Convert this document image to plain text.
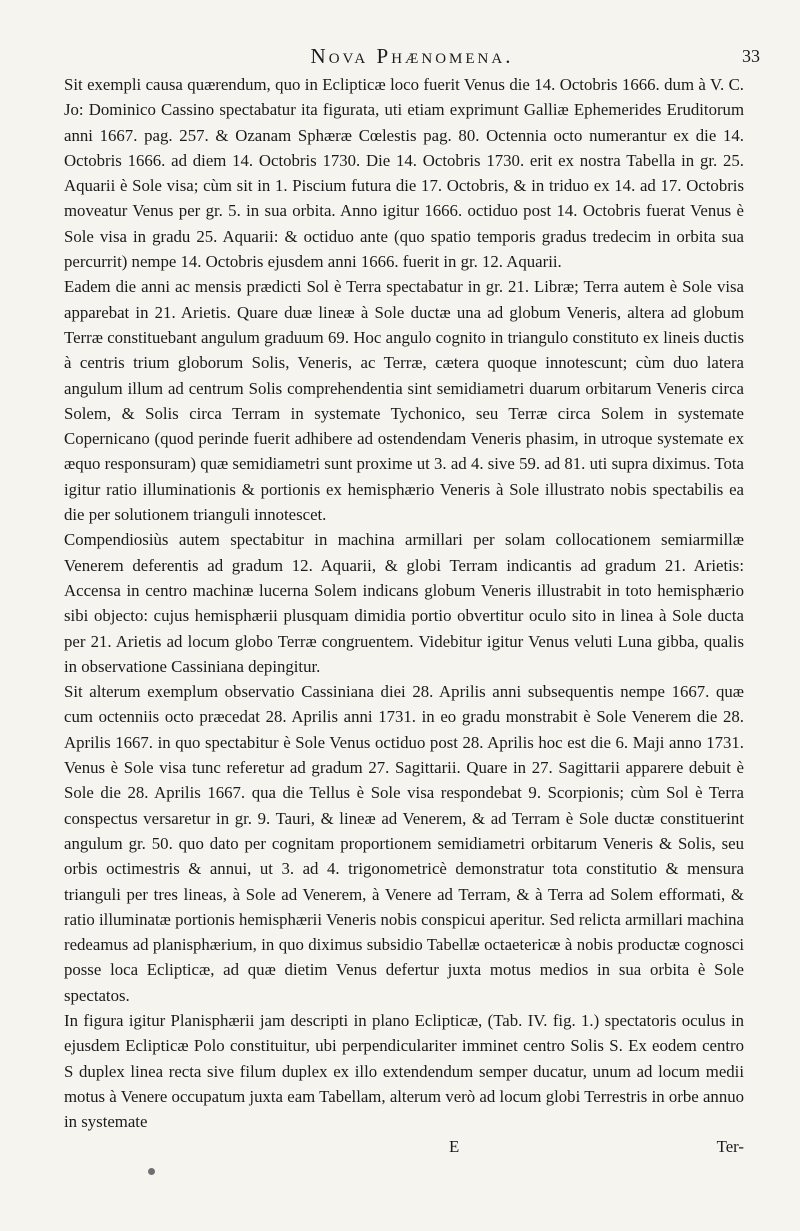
Nova Phænomena.	33

Sit exempli causa quærendum, quo in Eclipticæ loco fuerit Venus die 14. Octobris 1666. dum à V. C. Jo: Dominico Cassino spectabatur ita figurata, uti etiam exprimunt Galliæ Ephemerides Eruditorum anni 1667. pag. 257. & Ozanam Sphæræ Cœlestis pag. 80. Octennia octo numerantur ex die 14. Octobris 1666. ad diem 14. Octobris 1730. Die 14. Octobris 1730. erit ex nostra Tabella in gr. 25. Aquarii è Sole visa; cùm sit in 1. Piscium futura die 17. Octobris, & in triduo ex 14. ad 17. Octobris moveatur Venus per gr. 5. in sua orbita. Anno igitur 1666. octiduo post 14. Octobris fuerat Venus è Sole visa in gradu 25. Aquarii: & octiduo ante (quo spatio temporis gradus tredecim in orbita sua percurrit) nempe 14. Octobris ejusdem anni 1666. fuerit in gr. 12. Aquarii.

Eadem die anni ac mensis prædicti Sol è Terra spectabatur in gr. 21. Libræ; Terra autem è Sole visa apparebat in 21. Arietis. Quare duæ lineæ à Sole ductæ una ad globum Veneris, altera ad globum Terræ constituebant angulum graduum 69. Hoc angulo cognito in triangulo constituto ex lineis ductis à centris trium globorum Solis, Veneris, ac Terræ, cætera quoque innotescunt; cùm duo latera angulum illum ad centrum Solis comprehendentia sint semidiametri duarum orbitarum Veneris circa Solem, & Solis circa Terram in systemate Tychonico, seu Terræ circa Solem in systemate Copernicano (quod perinde fuerit adhibere ad ostendendam Veneris phasim, in utroque systemate ex æquo responsuram) quæ semidiametri sunt proxime ut 3. ad 4. sive 59. ad 81. uti supra diximus. Tota igitur ratio illuminationis & portionis ex hemisphærio Veneris à Sole illustrato nobis spectabilis ea die per solutionem trianguli innotescet.

Compendiosiùs autem spectabitur in machina armillari per solam collocationem semiarmillæ Venerem deferentis ad gradum 12. Aquarii, & globi Terram indicantis ad gradum 21. Arietis: Accensa in centro machinæ lucerna Solem indicans globum Veneris illustrabit in toto hemisphærio sibi objecto: cujus hemisphærii plusquam dimidia portio obvertitur oculo sito in linea à Sole ducta per 21. Arietis ad locum globo Terræ congruentem. Videbitur igitur Venus veluti Luna gibba, qualis in observatione Cassiniana depingitur.

Sit alterum exemplum observatio Cassiniana diei 28. Aprilis anni subsequentis nempe 1667. quæ cum octenniis octo præcedat 28. Aprilis anni 1731. in eo gradu monstrabit è Sole Venerem die 28. Aprilis 1667. in quo spectabitur è Sole Venus octiduo post 28. Aprilis hoc est die 6. Maji anno 1731. Venus è Sole visa tunc referetur ad gradum 27. Sagittarii. Quare in 27. Sagittarii apparere debuit è Sole die 28. Aprilis 1667. qua die Tellus è Sole visa respondebat 9. Scorpionis; cùm Sol è Terra conspectus versaretur in gr. 9. Tauri, & lineæ ad Venerem, & ad Terram è Sole ductæ constituerint angulum gr. 50. quo dato per cognitam proportionem semidiametri orbitarum Veneris & Solis, seu orbis octimestris & annui, ut 3. ad 4. trigonometricè demonstratur tota constitutio & mensura trianguli per tres lineas, à Sole ad Venerem, à Venere ad Terram, & à Terra ad Solem efformati, & ratio illuminatæ portionis hemisphærii Veneris nobis conspicui aperitur. Sed relicta armillari machina redeamus ad planisphærium, in quo diximus subsidio Tabellæ octaetericæ à nobis productæ cognosci posse loca Eclipticæ, ad quæ dietim Venus defertur juxta motus medios in sua orbita è Sole spectatos.

In figura igitur Planisphærii jam descripti in plano Eclipticæ, (Tab. IV. fig. 1.) spectatoris oculus in ejusdem Eclipticæ Polo constituitur, ubi perpendiculariter imminet centro Solis S. Ex eodem centro S duplex linea recta sive filum duplex ex illo extendendum semper ducatur, unum ad locum medii motus à Venere occupatum juxta eam Tabellam, alterum verò ad locum globi Terrestris in orbe annuo in systemate

E	Ter-
